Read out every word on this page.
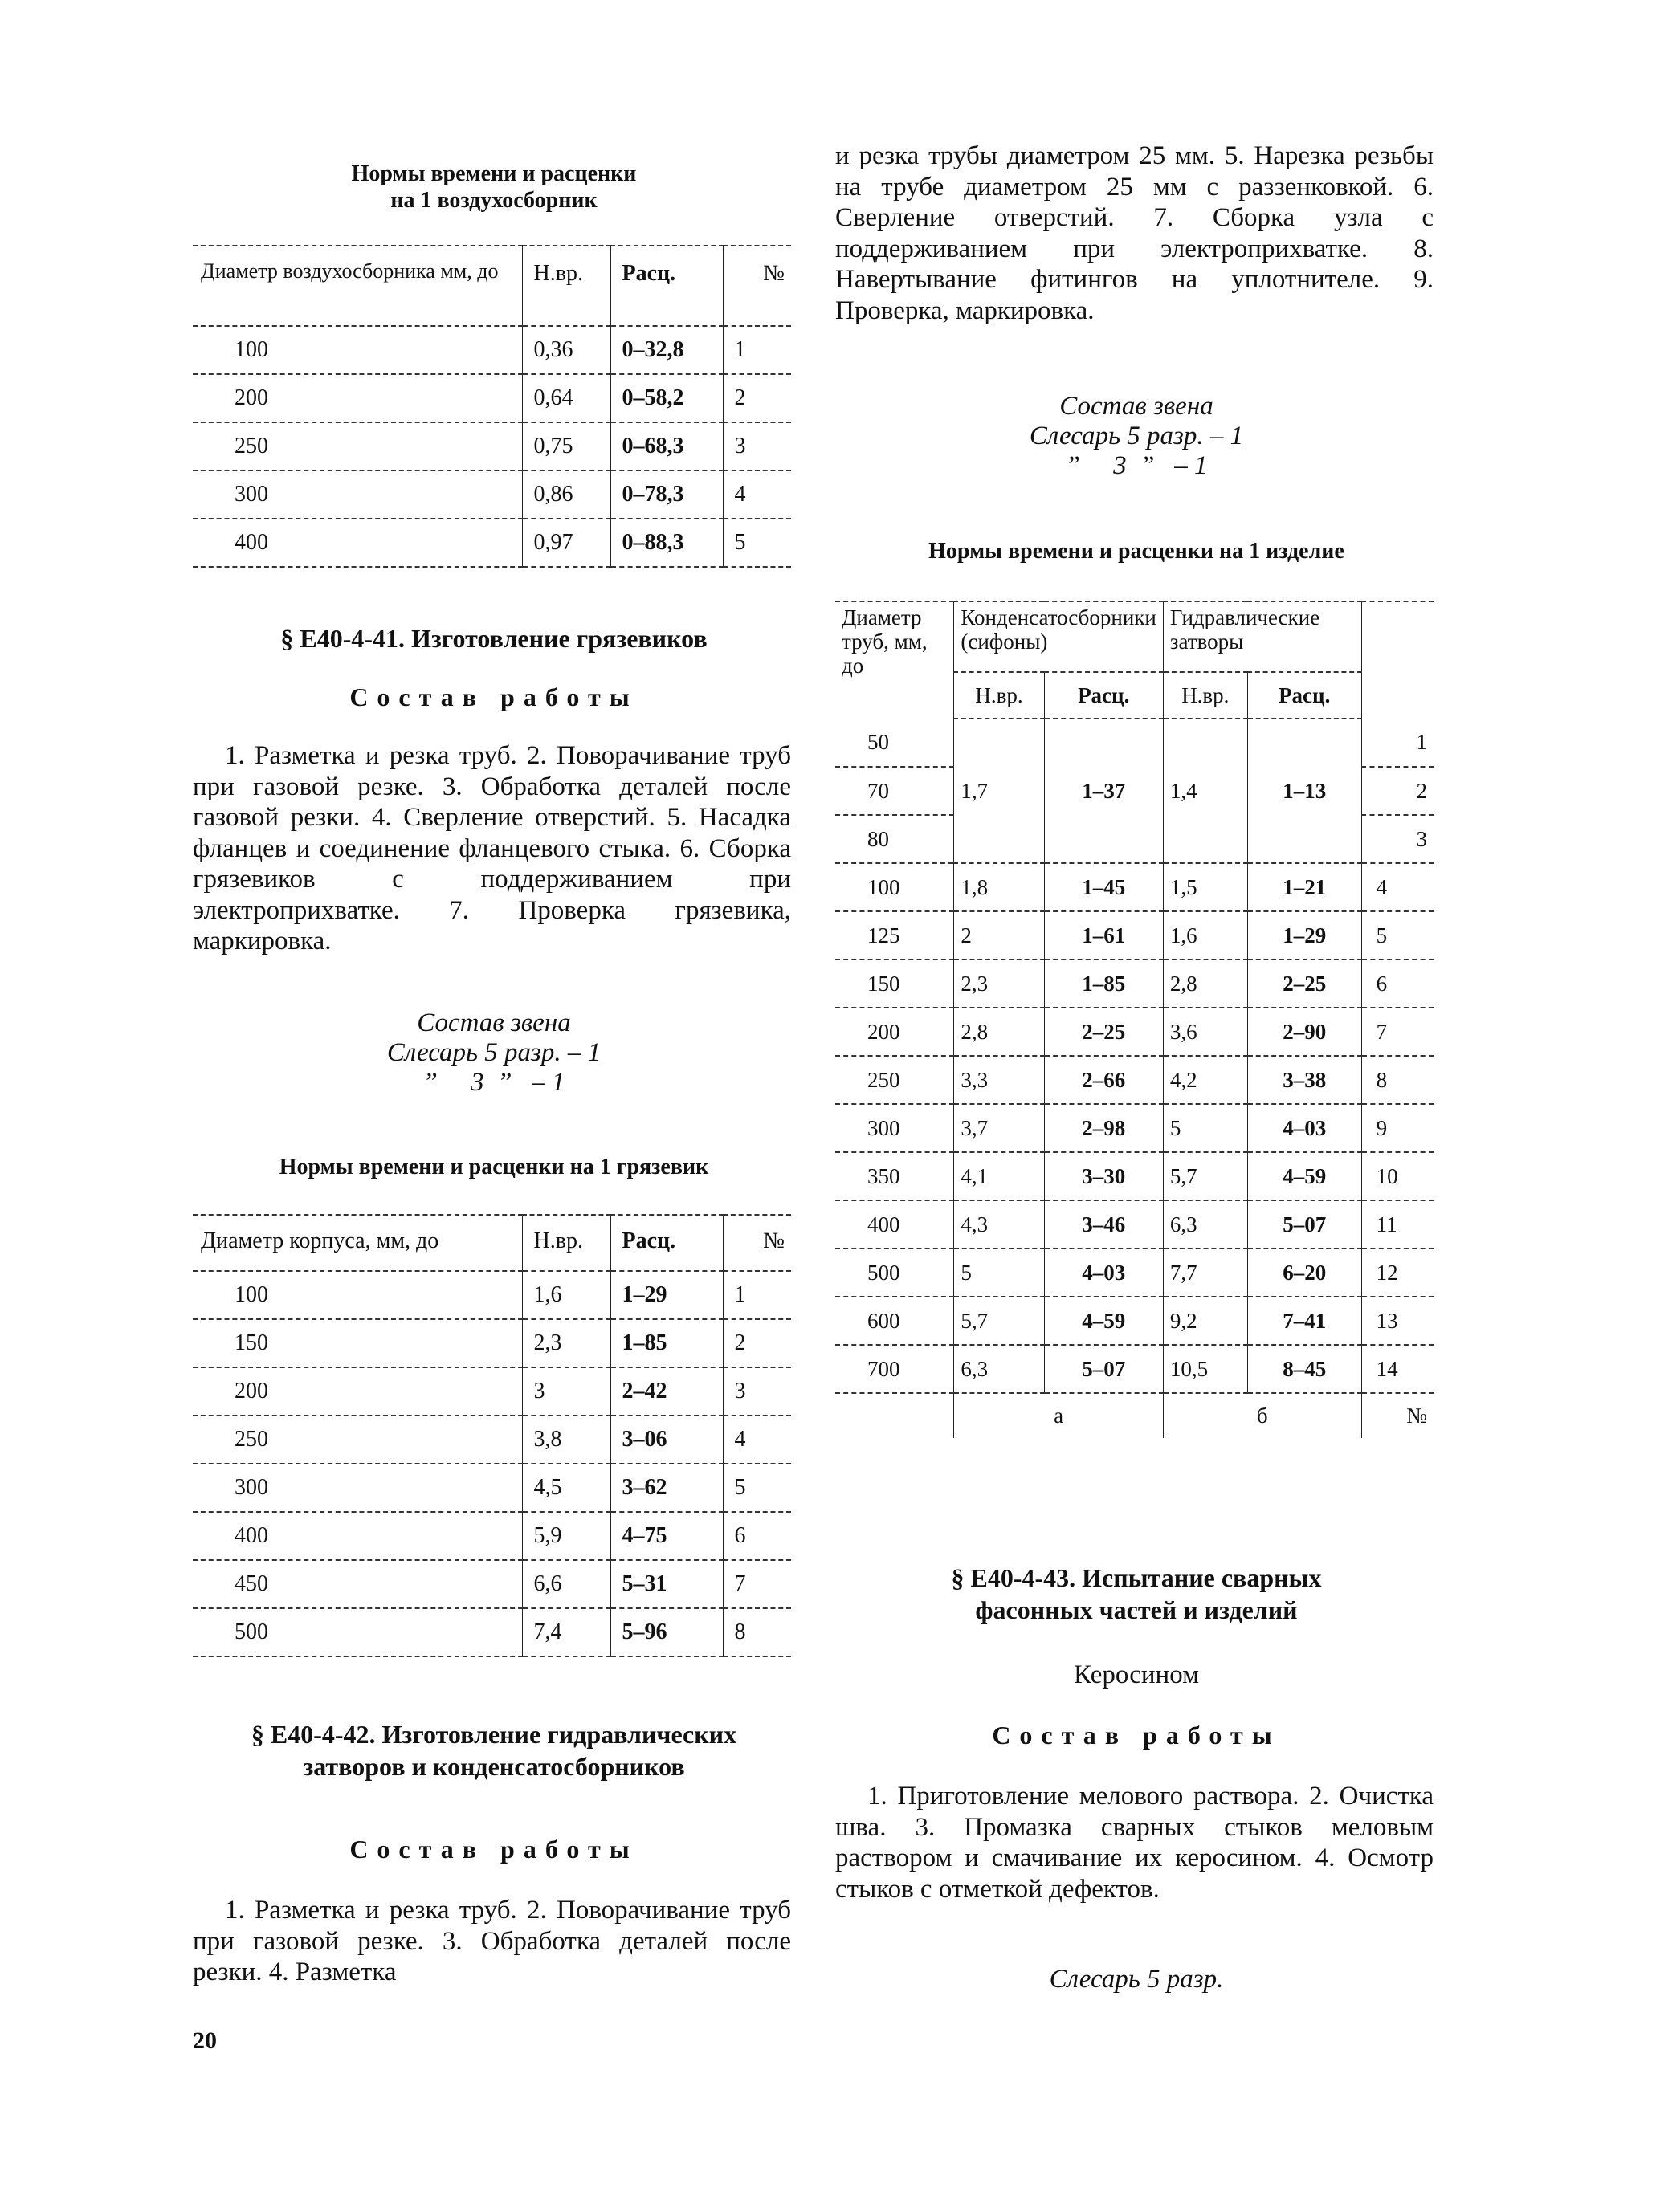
Нормы времени и расценки
на 1 воздухосборник
Диаметр воздухосборника мм, до	Н.вр.	Расц.	№
100	0,36	0–32,8	1
200	0,64	0–58,2	2
250	0,75	0–68,3	3
300	0,86	0–78,3	4
400	0,97	0–88,3	5
§ Е40-4-41. Изготовление грязевиков
Состав работы
1. Разметка и резка труб. 2. Поворачивание труб при газовой резке. 3. Обработка деталей после газовой резки. 4. Сверление отверстий. 5. Насадка фланцев и соединение фланцевого стыка. 6. Сборка грязевиков с поддерживанием при электроприхватке. 7. Проверка грязевика, маркировка.
Состав звена
Слесарь 5 разр. – 1
”     3  ”   – 1
Нормы времени и расценки на 1 грязевик
Диаметр корпуса, мм, до	Н.вр.	Расц.	№
100	1,6	1–29	1
150	2,3	1–85	2
200	3	2–42	3
250	3,8	3–06	4
300	4,5	3–62	5
400	5,9	4–75	6
450	6,6	5–31	7
500	7,4	5–96	8
§ Е40-4-42. Изготовление гидравлических
затворов и конденсатосборников
Состав работы
1. Разметка и резка труб. 2. Поворачивание труб при газовой резке. 3. Обработка деталей после резки. 4. Разметка
20
и резка трубы диаметром 25 мм. 5. Нарезка резьбы на трубе диаметром 25 мм с раззенковкой. 6. Сверление отверстий. 7. Сборка узла с поддерживанием при электроприхватке. 8. Навертывание фитингов на уплотнителе. 9. Проверка, маркировка.
Состав звена
Слесарь 5 разр. – 1
”     3  ”   – 1
Нормы времени и расценки на 1 изделие
Диаметр труб, мм, до	Конденсатосборники (сифоны)		Гидравлические затворы		
	Н.вр.	Расц.	Н.вр.	Расц.	
50	1,7	1–37	1,4	1–13	1
70					2
80					3
100	1,8	1–45	1,5	1–21	4
125	2	1–61	1,6	1–29	5
150	2,3	1–85	2,8	2–25	6
200	2,8	2–25	3,6	2–90	7
250	3,3	2–66	4,2	3–38	8
300	3,7	2–98	5	4–03	9
350	4,1	3–30	5,7	4–59	10
400	4,3	3–46	6,3	5–07	11
500	5	4–03	7,7	6–20	12
600	5,7	4–59	9,2	7–41	13
700	6,3	5–07	10,5	8–45	14
	а		б		№
§ Е40-4-43. Испытание сварных
фасонных частей и изделий
Керосином
Состав работы
1. Приготовление мелового раствора. 2. Очистка шва. 3. Промазка сварных стыков меловым раствором и смачивание их керосином. 4. Осмотр стыков с отметкой дефектов.
Слесарь 5 разр.
